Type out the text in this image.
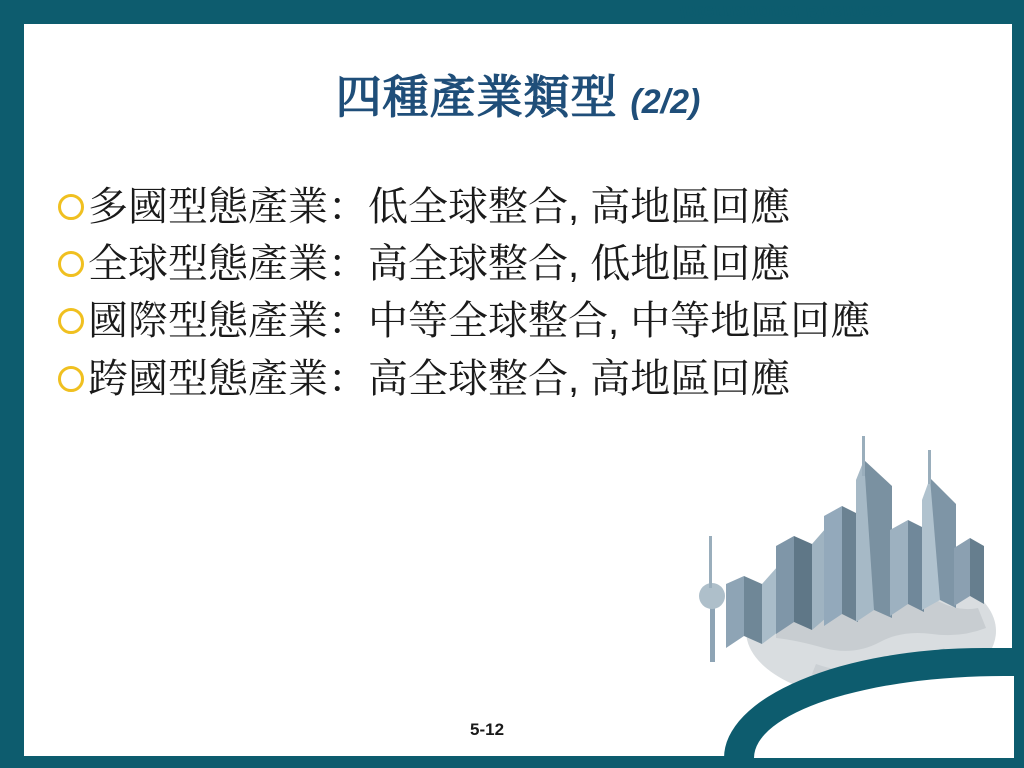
International Business
四種產業類型 (2/2)
多國型態產業：低全球整合, 高地區回應
全球型態產業：高全球整合, 低地區回應
國際型態產業：中等全球整合, 中等地區回應
跨國型態產業：高全球整合, 高地區回應
5-12
